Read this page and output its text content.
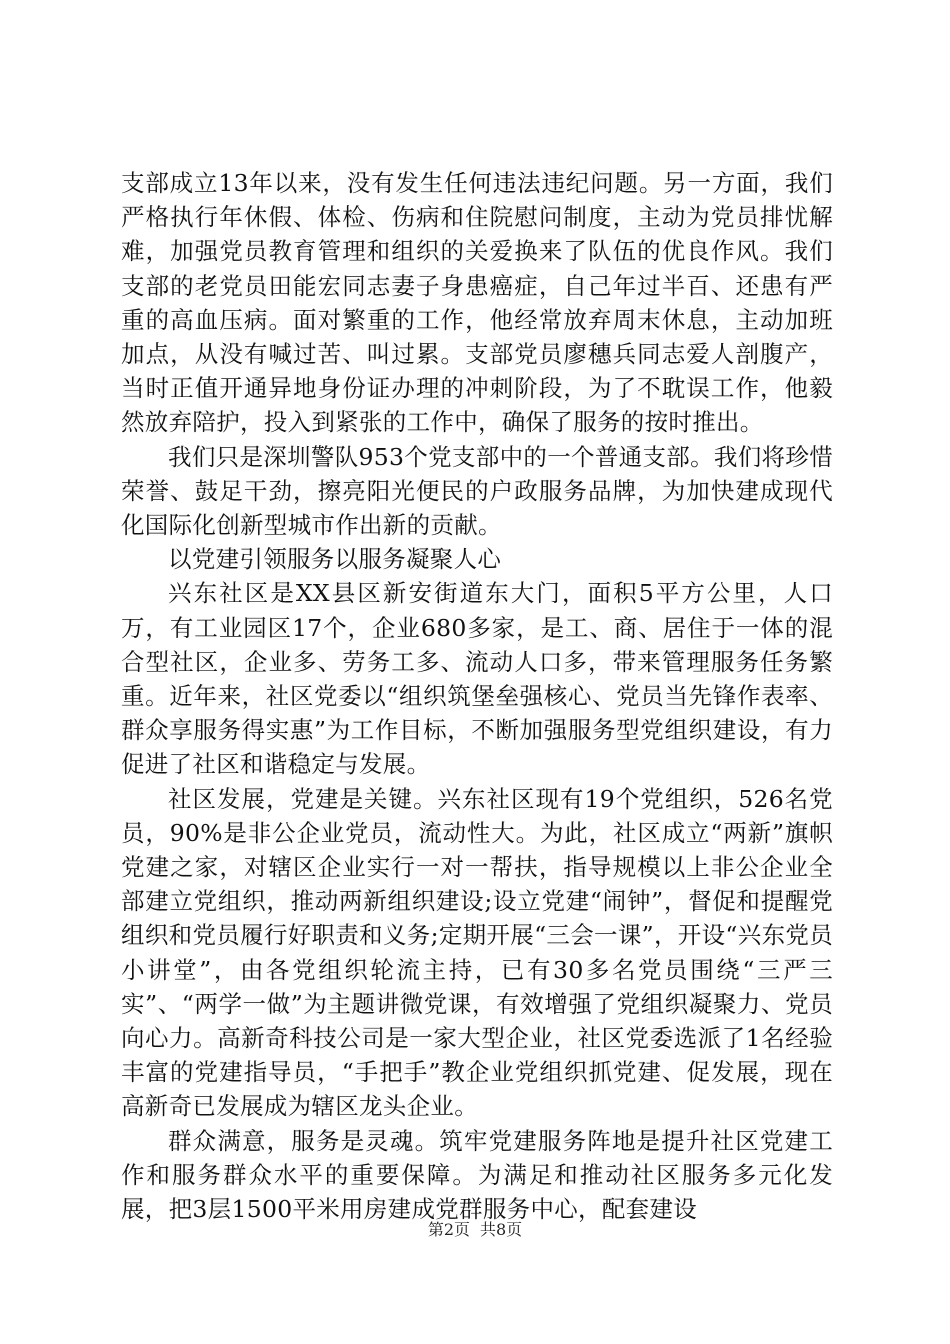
支部成立13年以来，没有发生任何违法违纪问题。另一方面，我们严格执行年休假、体检、伤病和住院慰问制度，主动为党员排忧解难，加强党员教育管理和组织的关爱换来了队伍的优良作风。我们支部的老党员田能宏同志妻子身患癌症，自己年过半百、还患有严重的高血压病。面对繁重的工作，他经常放弃周末休息，主动加班加点，从没有喊过苦、叫过累。支部党员廖穗兵同志爱人剖腹产，当时正值开通异地身份证办理的冲刺阶段，为了不耽误工作，他毅然放弃陪护，投入到紧张的工作中，确保了服务的按时推出。

我们只是深圳警队953个党支部中的一个普通支部。我们将珍惜荣誉、鼓足干劲，擦亮阳光便民的户政服务品牌，为加快建成现代化国际化创新型城市作出新的贡献。

以党建引领服务以服务凝聚人心

兴东社区是XX县区新安街道东大门，面积5平方公里，人口万，有工业园区17个，企业680多家，是工、商、居住于一体的混合型社区，企业多、劳务工多、流动人口多，带来管理服务任务繁重。近年来，社区党委以“组织筑堡垒强核心、党员当先锋作表率、群众享服务得实惠”为工作目标，不断加强服务型党组织建设，有力促进了社区和谐稳定与发展。

社区发展，党建是关键。兴东社区现有19个党组织，526名党员，90%是非公企业党员，流动性大。为此，社区成立“两新”旗帜党建之家，对辖区企业实行一对一帮扶，指导规模以上非公企业全部建立党组织，推动两新组织建设;设立党建“闹钟”，督促和提醒党组织和党员履行好职责和义务;定期开展“三会一课”，开设“兴东党员小讲堂”，由各党组织轮流主持，已有30多名党员围绕“三严三实”、“两学一做”为主题讲微党课，有效增强了党组织凝聚力、党员向心力。高新奇科技公司是一家大型企业，社区党委选派了1名经验丰富的党建指导员，“手把手”教企业党组织抓党建、促发展，现在高新奇已发展成为辖区龙头企业。

群众满意，服务是灵魂。筑牢党建服务阵地是提升社区党建工作和服务群众水平的重要保障。为满足和推动社区服务多元化发展，把3层1500平米用房建成党群服务中心，配套建设

第2页 共8页
